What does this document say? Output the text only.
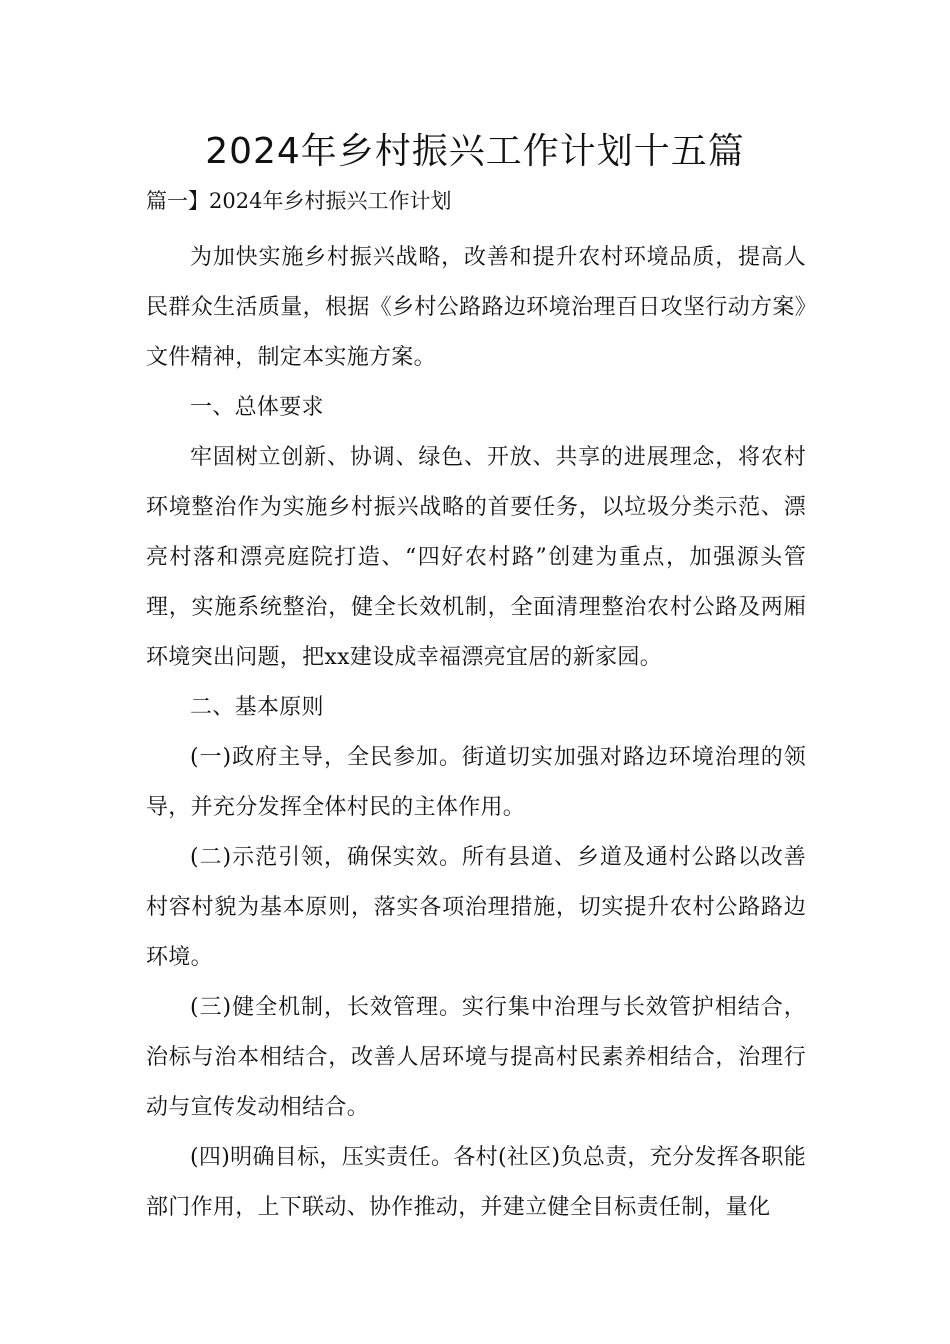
2024年乡村振兴工作计划十五篇

篇一】2024年乡村振兴工作计划

为加快实施乡村振兴战略，改善和提升农村环境品质，提高人民群众生活质量，根据《乡村公路路边环境治理百日攻坚行动方案》文件精神，制定本实施方案。

一、总体要求

牢固树立创新、协调、绿色、开放、共享的进展理念，将农村环境整治作为实施乡村振兴战略的首要任务，以垃圾分类示范、漂亮村落和漂亮庭院打造、“四好农村路”创建为重点，加强源头管理，实施系统整治，健全长效机制，全面清理整治农村公路及两厢环境突出问题，把xx建设成幸福漂亮宜居的新家园。

二、基本原则

(一)政府主导，全民参加。街道切实加强对路边环境治理的领导，并充分发挥全体村民的主体作用。

(二)示范引领，确保实效。所有县道、乡道及通村公路以改善村容村貌为基本原则，落实各项治理措施，切实提升农村公路路边环境。

(三)健全机制，长效管理。实行集中治理与长效管护相结合，治标与治本相结合，改善人居环境与提高村民素养相结合，治理行动与宣传发动相结合。

(四)明确目标，压实责任。各村(社区)负总责，充分发挥各职能部门作用，上下联动、协作推动，并建立健全目标责任制，量化
